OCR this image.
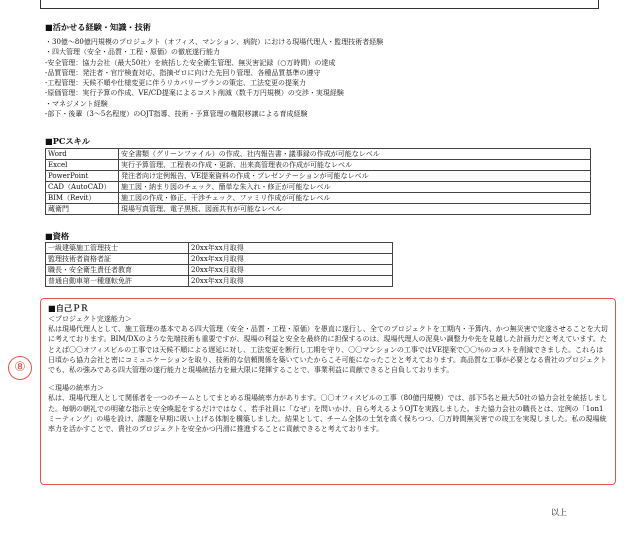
■活かせる経験・知識・技術
・30億～80億円規模のプロジェクト（オフィス、マンション、病院）における現場代理人・監理技術者経験
・四大管理（安全・品質・工程・原価）の徹底遂行能力
-安全管理：協力会社（最大50社）を統括した安全衛生管理、無災害記録（○万時間）の達成
-品質管理：発注者・官庁検査対応、指摘ゼロに向けた先回り管理、各種品質基準の遵守
-工程管理：天候不順や仕様変更に伴うリカバリープランの策定、工法変更の提案力
-原価管理：実行予算の作成、VE/CD提案によるコスト削減（数千万円規模）の交渉・実現経験
・マネジメント経験
-部下・後輩（3～5名程度）のOJT指導、技術・予算管理の権限移譲による育成経験
■PCスキル
Word	安全書類（グリーンファイル）の作成、社内報告書・議事録の作成が可能なレベル
Excel	実行予算管理、工程表の作成・更新、出来高管理表の作成が可能なレベル
PowerPoint	発注者向け定例報告、VE提案資料の作成・プレゼンテーションが可能なレベル
CAD（AutoCAD）	施工図・納まり図のチェック、簡単な朱入れ・修正が可能なレベル
BIM（Revit）	施工図の作成・修正、干渉チェック、ファミリ作成が可能なレベル
蔵衛門	現場写真管理、電子黒板、図面共有が可能なレベル
■資格
一級建築施工管理技士	20xx年xx月取得
監理技術者資格者証	20xx年xx月取得
職長・安全衛生責任者教育	20xx年xx月取得
普通自動車第一種運転免許	20xx年xx月取得
⑧
■自己ＰＲ
＜プロジェクト完遂能力＞
私は現場代理人として、施工管理の基本である四大管理（安全・品質・工程・原価）を愚直に遂行し、全てのプロジェクトを工期内・予算内、かつ無災害で完遂させることを大切に考えております。BIM/DXのような先端技術も重要ですが、現場の利益と安全を最終的に担保するのは、現場代理人の泥臭い調整力や先を見越した計画力だと考えています。たとえば〇〇オフィスビルの工事では天候不順による遅延に対し、工法変更を断行し工期を守り、〇〇マンションの工事ではVE提案で〇〇％のコストを削減できました。これらは日頃から協力会社と密にコミュニケーションを取り、技術的な信頼関係を築いていたからこそ可能になったことと考えております。高品質な工事が必要となる貴社のプロジェクトでも、私の強みである四大管理の遂行能力と現場統括力を最大限に発揮することで、事業利益に貢献できると自負しております。
＜現場の統率力＞
私は、現場代理人として関係者を一つのチームとしてまとめる現場統率力があります。〇〇オフィスビルの工事（80億円規模）では、部下5名と最大50社の協力会社を統括しました。毎朝の朝礼での明確な指示と安全喚起をするだけではなく、若手社員に「なぜ」を問いかけ、自ら考えるようOJTを実践しました。また協力会社の職長とは、定例の「1on1ミーティング」の場を設け、課題を早期に吸い上げる体制を構築しました。結果として、チーム全体の士気を高く保ちつつ、〇万時間無災害での竣工を実現しました。私の現場統率力を活かすことで、貴社のプロジェクトを安全かつ円滑に推進することに貢献できると考えております。
以上
